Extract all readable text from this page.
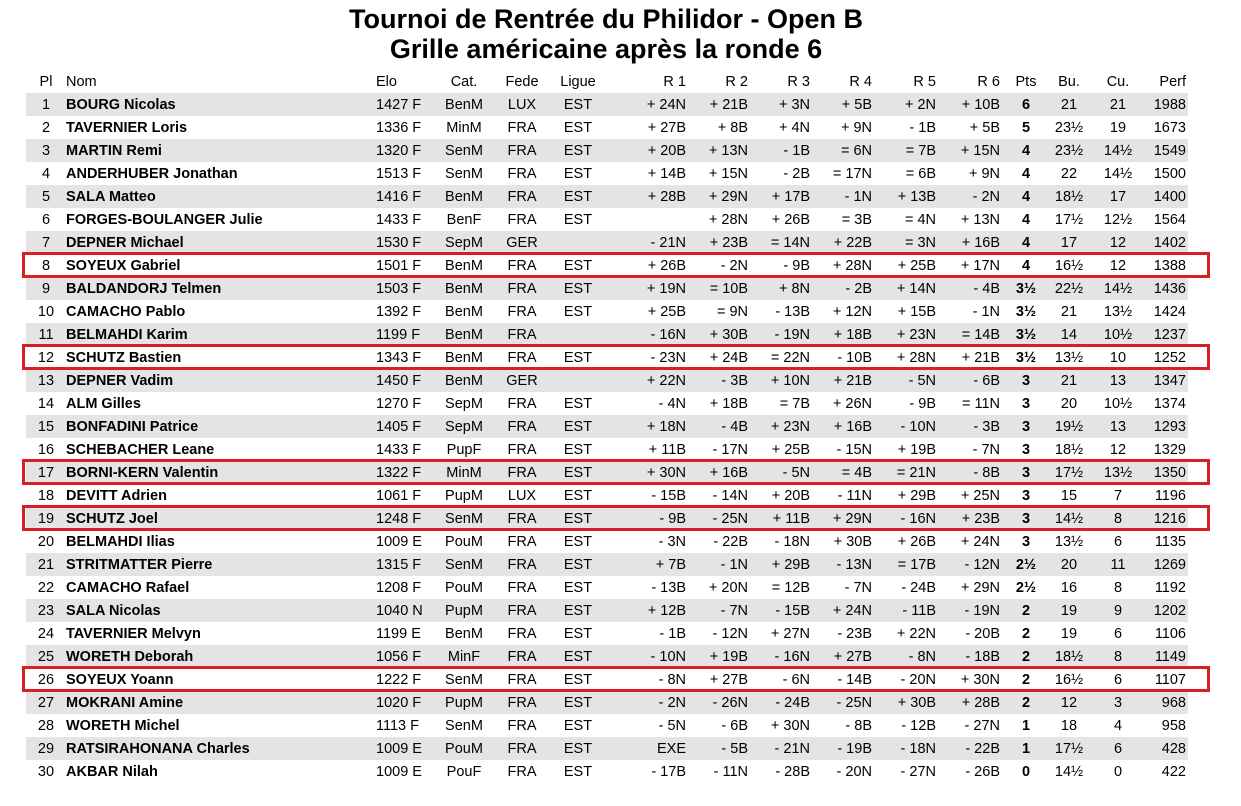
Tournoi de Rentrée du Philidor - Open B
Grille américaine après la ronde 6
Pl	Nom	Elo	Cat.	Fede	Ligue	R 1	R 2	R 3	R 4	R 5	R 6	Pts	Bu.	Cu.	Perf
1	BOURG Nicolas	1427 F	BenM	LUX	EST	+ 24N	+ 21B	+ 3N	+ 5B	+ 2N	+ 10B	6	21	21	1988
2	TAVERNIER Loris	1336 F	MinM	FRA	EST	+ 27B	+ 8B	+ 4N	+ 9N	- 1B	+ 5B	5	23½	19	1673
3	MARTIN Remi	1320 F	SenM	FRA	EST	+ 20B	+ 13N	- 1B	= 6N	= 7B	+ 15N	4	23½	14½	1549
4	ANDERHUBER Jonathan	1513 F	SenM	FRA	EST	+ 14B	+ 15N	- 2B	= 17N	= 6B	+ 9N	4	22	14½	1500
5	SALA Matteo	1416 F	BenM	FRA	EST	+ 28B	+ 29N	+ 17B	- 1N	+ 13B	- 2N	4	18½	17	1400
6	FORGES-BOULANGER Julie	1433 F	BenF	FRA	EST		+ 28N	+ 26B	= 3B	= 4N	+ 13N	4	17½	12½	1564
7	DEPNER Michael	1530 F	SepM	GER		- 21N	+ 23B	= 14N	+ 22B	= 3N	+ 16B	4	17	12	1402
8	SOYEUX Gabriel	1501 F	BenM	FRA	EST	+ 26B	- 2N	- 9B	+ 28N	+ 25B	+ 17N	4	16½	12	1388
9	BALDANDORJ Telmen	1503 F	BenM	FRA	EST	+ 19N	= 10B	+ 8N	- 2B	+ 14N	- 4B	3½	22½	14½	1436
10	CAMACHO Pablo	1392 F	BenM	FRA	EST	+ 25B	= 9N	- 13B	+ 12N	+ 15B	- 1N	3½	21	13½	1424
11	BELMAHDI Karim	1199 F	BenM	FRA		- 16N	+ 30B	- 19N	+ 18B	+ 23N	= 14B	3½	14	10½	1237
12	SCHUTZ Bastien	1343 F	BenM	FRA	EST	- 23N	+ 24B	= 22N	- 10B	+ 28N	+ 21B	3½	13½	10	1252
13	DEPNER Vadim	1450 F	BenM	GER		+ 22N	- 3B	+ 10N	+ 21B	- 5N	- 6B	3	21	13	1347
14	ALM Gilles	1270 F	SepM	FRA	EST	- 4N	+ 18B	= 7B	+ 26N	- 9B	= 11N	3	20	10½	1374
15	BONFADINI Patrice	1405 F	SepM	FRA	EST	+ 18N	- 4B	+ 23N	+ 16B	- 10N	- 3B	3	19½	13	1293
16	SCHEBACHER Leane	1433 F	PupF	FRA	EST	+ 11B	- 17N	+ 25B	- 15N	+ 19B	- 7N	3	18½	12	1329
17	BORNI-KERN Valentin	1322 F	MinM	FRA	EST	+ 30N	+ 16B	- 5N	= 4B	= 21N	- 8B	3	17½	13½	1350
18	DEVITT Adrien	1061 F	PupM	LUX	EST	- 15B	- 14N	+ 20B	- 11N	+ 29B	+ 25N	3	15	7	1196
19	SCHUTZ Joel	1248 F	SenM	FRA	EST	- 9B	- 25N	+ 11B	+ 29N	- 16N	+ 23B	3	14½	8	1216
20	BELMAHDI Ilias	1009 E	PouM	FRA	EST	- 3N	- 22B	- 18N	+ 30B	+ 26B	+ 24N	3	13½	6	1135
21	STRITMATTER Pierre	1315 F	SenM	FRA	EST	+ 7B	- 1N	+ 29B	- 13N	= 17B	- 12N	2½	20	11	1269
22	CAMACHO Rafael	1208 F	PouM	FRA	EST	- 13B	+ 20N	= 12B	- 7N	- 24B	+ 29N	2½	16	8	1192
23	SALA Nicolas	1040 N	PupM	FRA	EST	+ 12B	- 7N	- 15B	+ 24N	- 11B	- 19N	2	19	9	1202
24	TAVERNIER Melvyn	1199 E	BenM	FRA	EST	- 1B	- 12N	+ 27N	- 23B	+ 22N	- 20B	2	19	6	1106
25	WORETH Deborah	1056 F	MinF	FRA	EST	- 10N	+ 19B	- 16N	+ 27B	- 8N	- 18B	2	18½	8	1149
26	SOYEUX Yoann	1222 F	SenM	FRA	EST	- 8N	+ 27B	- 6N	- 14B	- 20N	+ 30N	2	16½	6	1107
27	MOKRANI Amine	1020 F	PupM	FRA	EST	- 2N	- 26N	- 24B	- 25N	+ 30B	+ 28B	2	12	3	968
28	WORETH Michel	1113 F	SenM	FRA	EST	- 5N	- 6B	+ 30N	- 8B	- 12B	- 27N	1	18	4	958
29	RATSIRAHONANA Charles	1009 E	PouM	FRA	EST	EXE	- 5B	- 21N	- 19B	- 18N	- 22B	1	17½	6	428
30	AKBAR Nilah	1009 E	PouF	FRA	EST	- 17B	- 11N	- 28B	- 20N	- 27N	- 26B	0	14½	0	422
